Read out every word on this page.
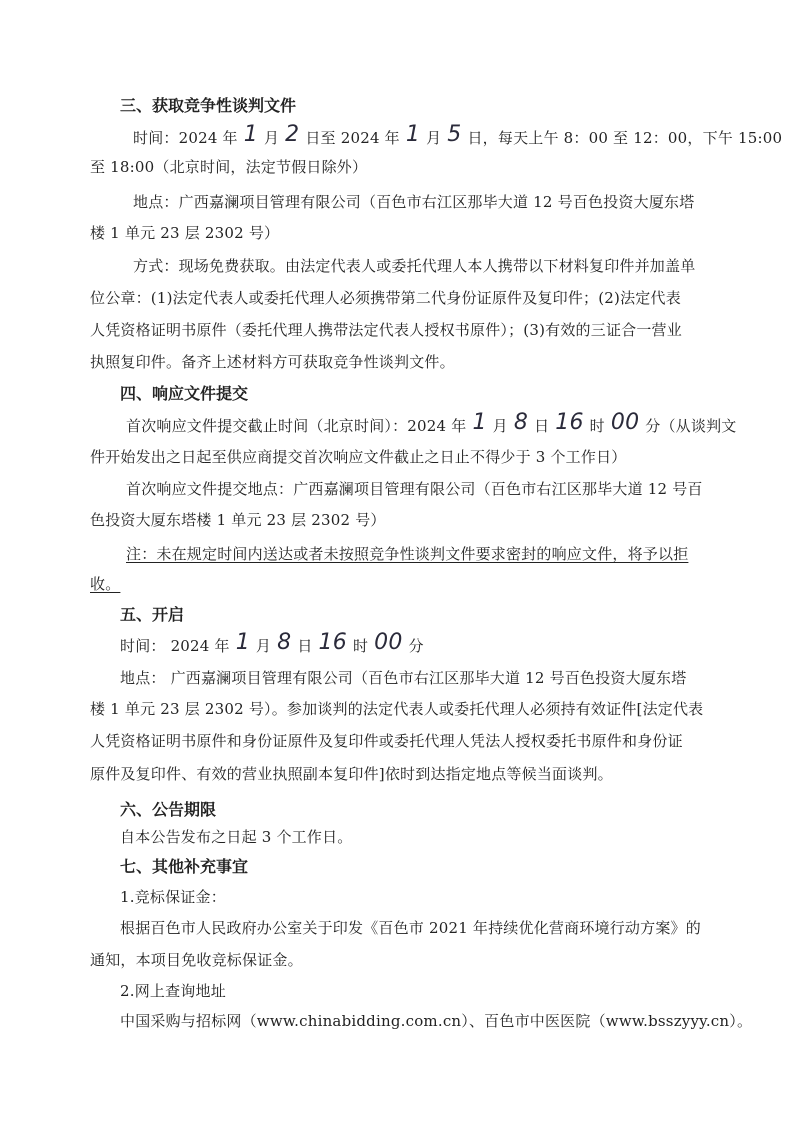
三、获取竞争性谈判文件
时间：2024 年 1 月 2 日至 2024 年 1 月 5 日，每天上午 8：00 至 12：00，下午 15:00
至 18:00（北京时间，法定节假日除外）
地点：广西嘉澜项目管理有限公司（百色市右江区那毕大道 12 号百色投资大厦东塔
楼 1 单元 23 层 2302 号）
方式：现场免费获取。由法定代表人或委托代理人本人携带以下材料复印件并加盖单
位公章：(1)法定代表人或委托代理人必须携带第二代身份证原件及复印件；(2)法定代表
人凭资格证明书原件（委托代理人携带法定代表人授权书原件）；(3)有效的三证合一营业
执照复印件。备齐上述材料方可获取竞争性谈判文件。
四、响应文件提交
首次响应文件提交截止时间（北京时间）：2024 年 1 月 8 日 16 时 00 分（从谈判文
件开始发出之日起至供应商提交首次响应文件截止之日止不得少于 3 个工作日）
首次响应文件提交地点：广西嘉澜项目管理有限公司（百色市右江区那毕大道 12 号百
色投资大厦东塔楼 1 单元 23 层 2302 号）
注：未在规定时间内送达或者未按照竞争性谈判文件要求密封的响应文件，将予以拒
收。
五、开启
时间： 2024 年 1 月 8 日 16 时 00 分
地点： 广西嘉澜项目管理有限公司（百色市右江区那毕大道 12 号百色投资大厦东塔
楼 1 单元 23 层 2302 号）。参加谈判的法定代表人或委托代理人必须持有效证件[法定代表
人凭资格证明书原件和身份证原件及复印件或委托代理人凭法人授权委托书原件和身份证
原件及复印件、有效的营业执照副本复印件]依时到达指定地点等候当面谈判。
六、公告期限
自本公告发布之日起 3 个工作日。
七、其他补充事宜
1.竞标保证金：
根据百色市人民政府办公室关于印发《百色市 2021 年持续优化营商环境行动方案》的
通知，本项目免收竞标保证金。
2.网上查询地址
中国采购与招标网（www.chinabidding.com.cn）、百色市中医医院（www.bsszyyy.cn）。
